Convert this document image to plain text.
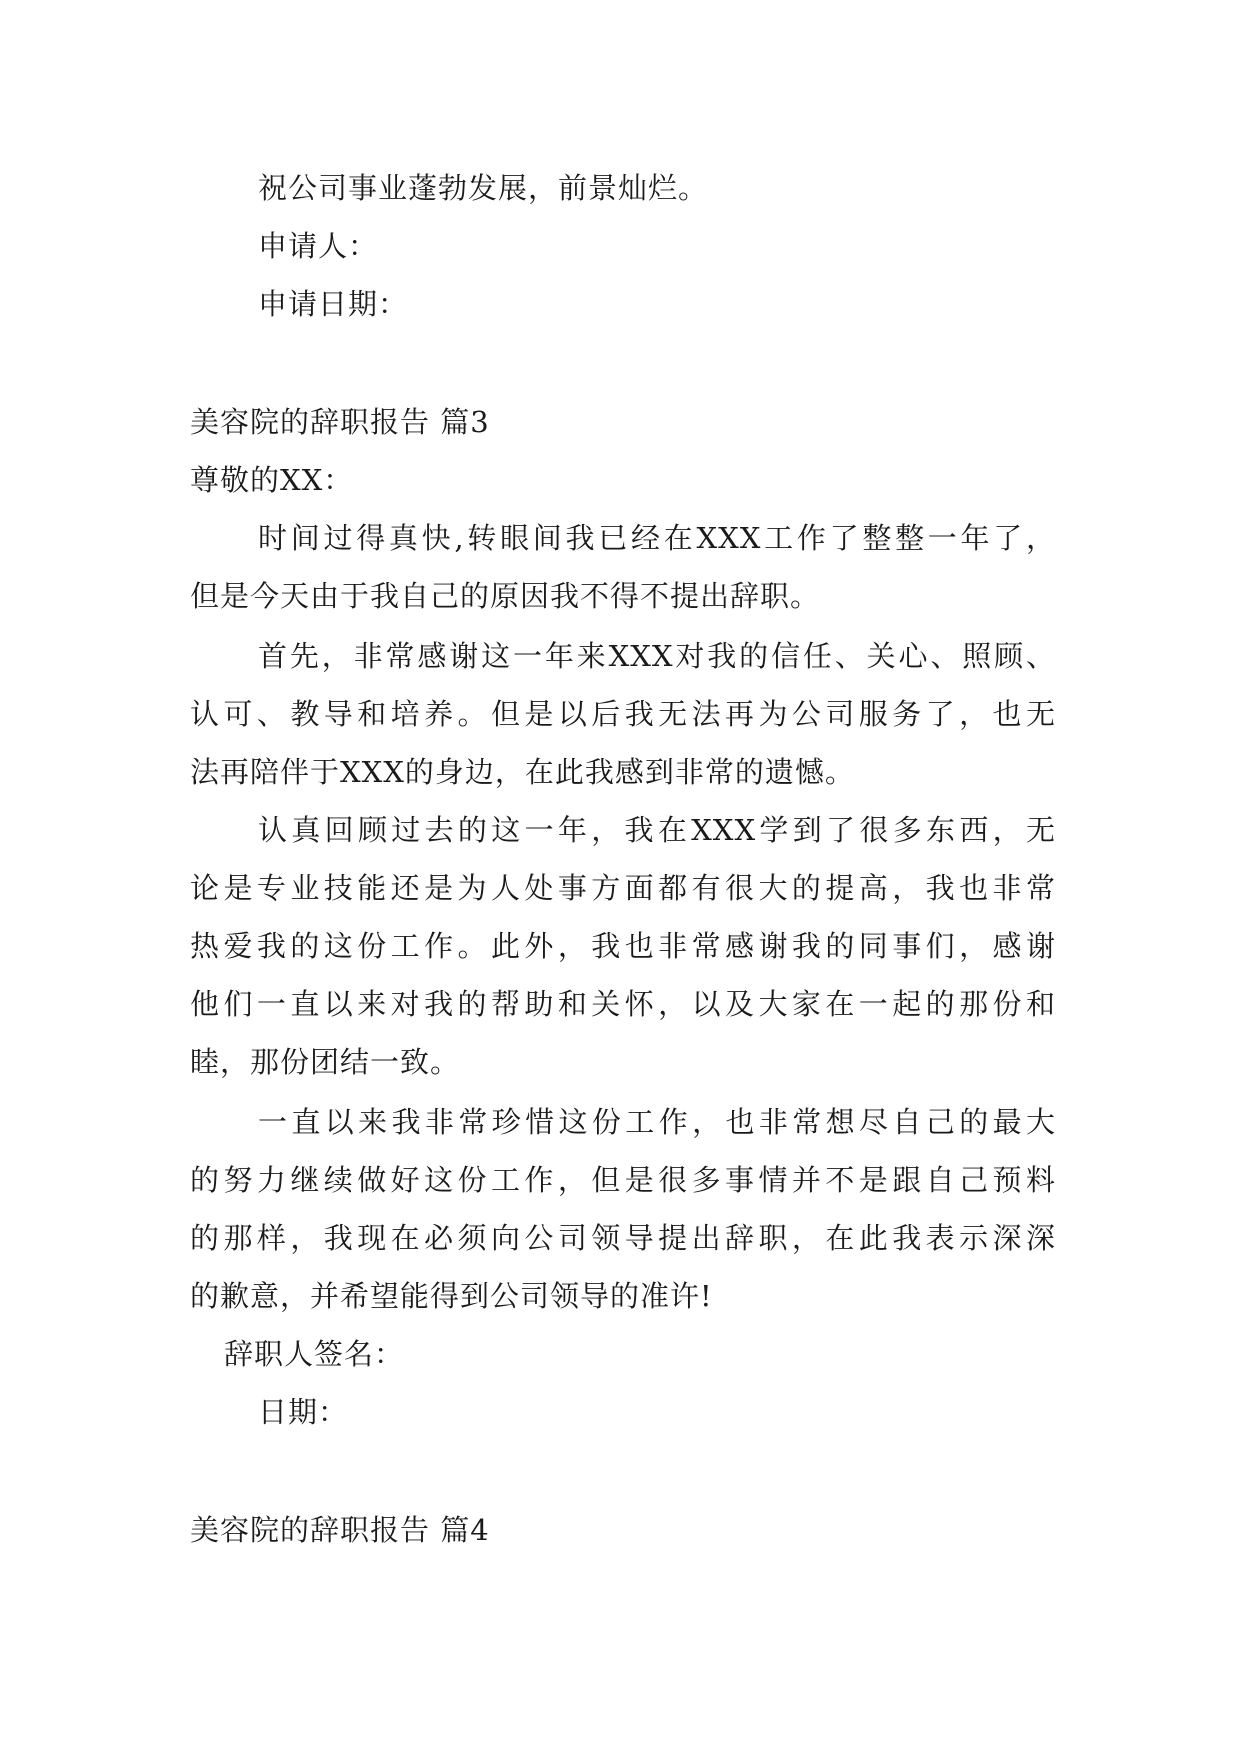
祝公司事业蓬勃发展，前景灿烂。
申请人：
申请日期：
美容院的辞职报告 篇3
尊敬的XX：
时间过得真快,转眼间我已经在XXX工作了整整一年了，
但是今天由于我自己的原因我不得不提出辞职。
首先，非常感谢这一年来XXX对我的信任、关心、照顾、
认可、教导和培养。但是以后我无法再为公司服务了，也无
法再陪伴于XXX的身边，在此我感到非常的遗憾。
认真回顾过去的这一年，我在XXX学到了很多东西，无
论是专业技能还是为人处事方面都有很大的提高，我也非常
热爱我的这份工作。此外，我也非常感谢我的同事们，感谢
他们一直以来对我的帮助和关怀，以及大家在一起的那份和
睦，那份团结一致。
一直以来我非常珍惜这份工作，也非常想尽自己的最大
的努力继续做好这份工作，但是很多事情并不是跟自己预料
的那样，我现在必须向公司领导提出辞职，在此我表示深深
的歉意，并希望能得到公司领导的准许!
辞职人签名：
日期：
美容院的辞职报告 篇4
